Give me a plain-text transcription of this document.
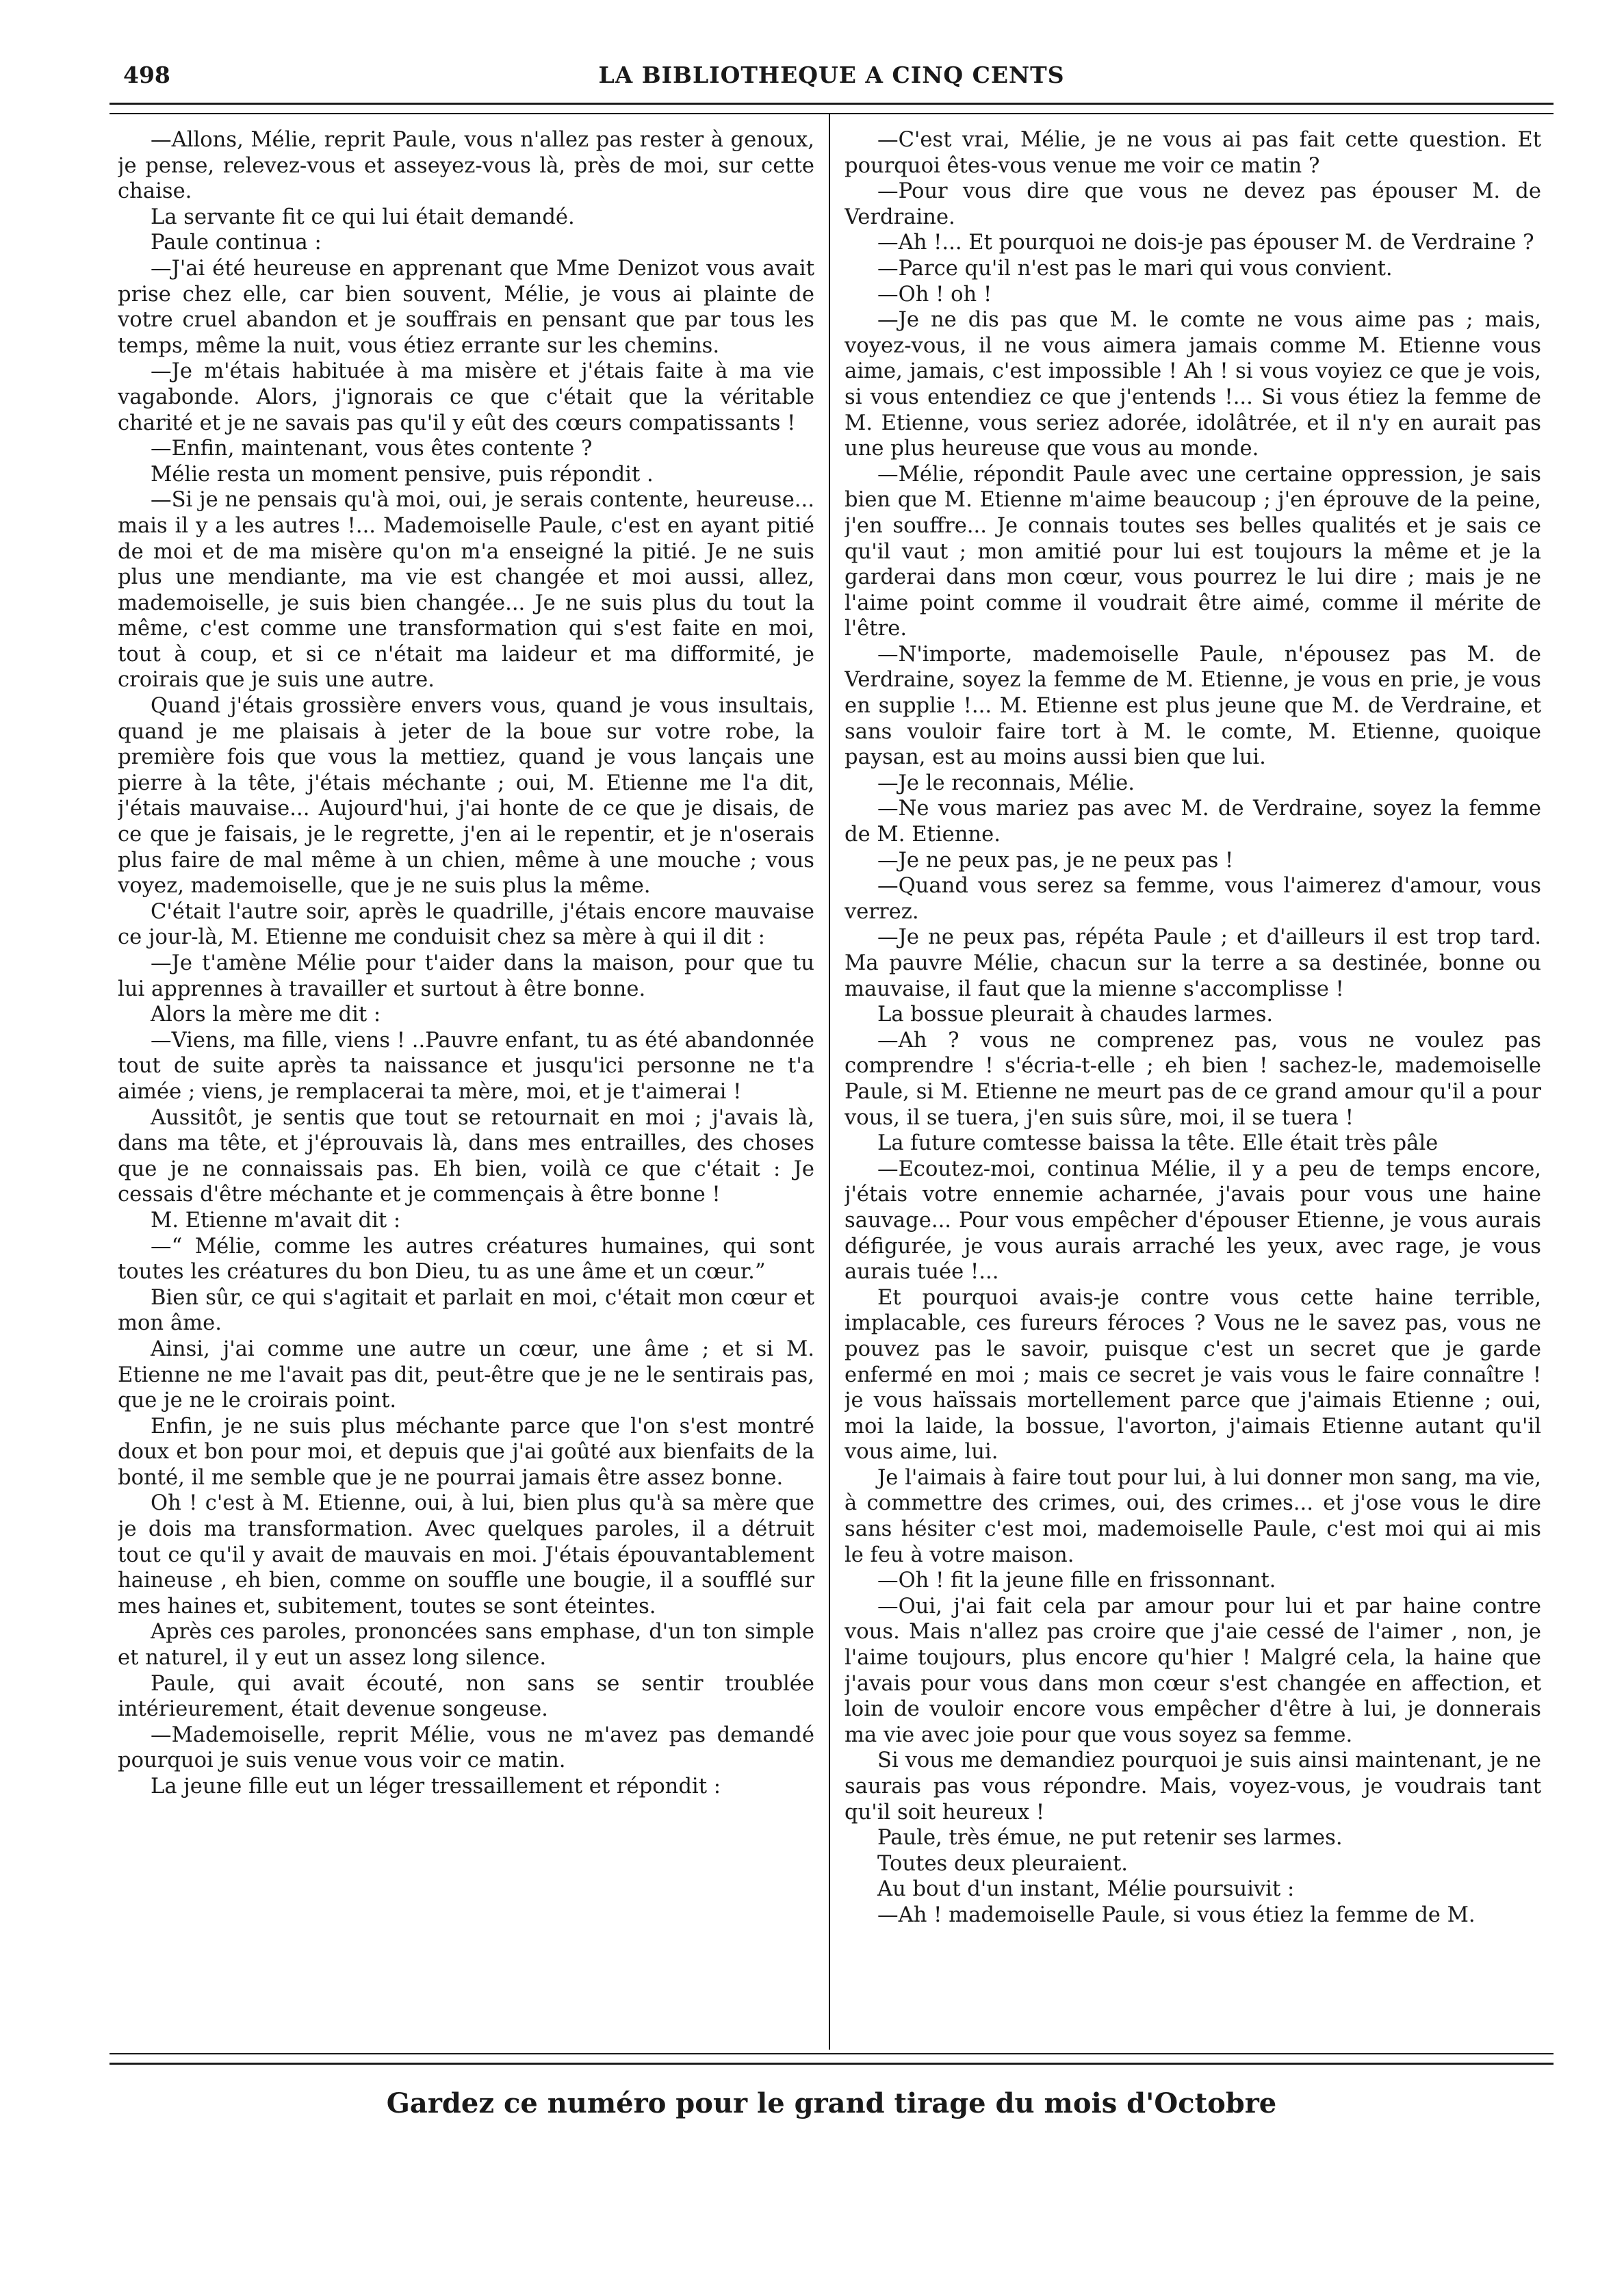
498	LA BIBLIOTHEQUE A CINQ CENTS

—Allons, Mélie, reprit Paule, vous n'allez pas rester à genoux, je pense, relevez-vous et asseyez-vous là, près de moi, sur cette chaise.

La servante fit ce qui lui était demandé.

Paule continua :

—J'ai été heureuse en apprenant que Mme Denizot vous avait prise chez elle, car bien souvent, Mélie, je vous ai plainte de votre cruel abandon et je souffrais en pensant que par tous les temps, même la nuit, vous étiez errante sur les chemins.

—Je m'étais habituée à ma misère et j'étais faite à ma vie vagabonde. Alors, j'ignorais ce que c'était que la véritable charité et je ne savais pas qu'il y eût des cœurs compatissants !

—Enfin, maintenant, vous êtes contente ?

Mélie resta un moment pensive, puis répondit .

—Si je ne pensais qu'à moi, oui, je serais contente, heureuse... mais il y a les autres !... Mademoiselle Paule, c'est en ayant pitié de moi et de ma misère qu'on m'a enseigné la pitié. Je ne suis plus une mendiante, ma vie est changée et moi aussi, allez, mademoiselle, je suis bien changée... Je ne suis plus du tout la même, c'est comme une transformation qui s'est faite en moi, tout à coup, et si ce n'était ma laideur et ma difformité, je croirais que je suis une autre.

Quand j'étais grossière envers vous, quand je vous insultais, quand je me plaisais à jeter de la boue sur votre robe, la première fois que vous la mettiez, quand je vous lançais une pierre à la tête, j'étais méchante ; oui, M. Etienne me l'a dit, j'étais mauvaise... Aujourd'hui, j'ai honte de ce que je disais, de ce que je faisais, je le regrette, j'en ai le repentir, et je n'oserais plus faire de mal même à un chien, même à une mouche ; vous voyez, mademoiselle, que je ne suis plus la même.

C'était l'autre soir, après le quadrille, j'étais encore mauvaise ce jour-là, M. Etienne me conduisit chez sa mère à qui il dit :

—Je t'amène Mélie pour t'aider dans la maison, pour que tu lui apprennes à travailler et surtout à être bonne.

Alors la mère me dit :

—Viens, ma fille, viens ! ..Pauvre enfant, tu as été abandonnée tout de suite après ta naissance et jusqu'ici personne ne t'a aimée ; viens, je remplacerai ta mère, moi, et je t'aimerai !

Aussitôt, je sentis que tout se retournait en moi ; j'avais là, dans ma tête, et j'éprouvais là, dans mes entrailles, des choses que je ne connaissais pas. Eh bien, voilà ce que c'était : Je cessais d'être méchante et je commençais à être bonne !

M. Etienne m'avait dit :

—“ Mélie, comme les autres créatures humaines, qui sont toutes les créatures du bon Dieu, tu as une âme et un cœur.”

Bien sûr, ce qui s'agitait et parlait en moi, c'était mon cœur et mon âme.

Ainsi, j'ai comme une autre un cœur, une âme ; et si M. Etienne ne me l'avait pas dit, peut-être que je ne le sentirais pas, que je ne le croirais point.

Enfin, je ne suis plus méchante parce que l'on s'est montré doux et bon pour moi, et depuis que j'ai goûté aux bienfaits de la bonté, il me semble que je ne pourrai jamais être assez bonne.

Oh ! c'est à M. Etienne, oui, à lui, bien plus qu'à sa mère que je dois ma transformation. Avec quelques paroles, il a détruit tout ce qu'il y avait de mauvais en moi. J'étais épouvantablement haineuse , eh bien, comme on souffle une bougie, il a soufflé sur mes haines et, subitement, toutes se sont éteintes.

Après ces paroles, prononcées sans emphase, d'un ton simple et naturel, il y eut un assez long silence.

Paule, qui avait écouté, non sans se sentir troublée intérieurement, était devenue songeuse.

—Mademoiselle, reprit Mélie, vous ne m'avez pas demandé pourquoi je suis venue vous voir ce matin.

La jeune fille eut un léger tressaillement et répondit :

—C'est vrai, Mélie, je ne vous ai pas fait cette question. Et pourquoi êtes-vous venue me voir ce matin ?

—Pour vous dire que vous ne devez pas épouser M. de Verdraine.

—Ah !... Et pourquoi ne dois-je pas épouser M. de Verdraine ?

—Parce qu'il n'est pas le mari qui vous convient.

—Oh ! oh !

—Je ne dis pas que M. le comte ne vous aime pas ; mais, voyez-vous, il ne vous aimera jamais comme M. Etienne vous aime, jamais, c'est impossible ! Ah ! si vous voyiez ce que je vois, si vous entendiez ce que j'entends !... Si vous étiez la femme de M. Etienne, vous seriez adorée, idolâtrée, et il n'y en aurait pas une plus heureuse que vous au monde.

—Mélie, répondit Paule avec une certaine oppression, je sais bien que M. Etienne m'aime beaucoup ; j'en éprouve de la peine, j'en souffre... Je connais toutes ses belles qualités et je sais ce qu'il vaut ; mon amitié pour lui est toujours la même et je la garderai dans mon cœur, vous pourrez le lui dire ; mais je ne l'aime point comme il voudrait être aimé, comme il mérite de l'être.

—N'importe, mademoiselle Paule, n'épousez pas M. de Verdraine, soyez la femme de M. Etienne, je vous en prie, je vous en supplie !... M. Etienne est plus jeune que M. de Verdraine, et sans vouloir faire tort à M. le comte, M. Etienne, quoique paysan, est au moins aussi bien que lui.

—Je le reconnais, Mélie.

—Ne vous mariez pas avec M. de Verdraine, soyez la femme de M. Etienne.

—Je ne peux pas, je ne peux pas !

—Quand vous serez sa femme, vous l'aimerez d'amour, vous verrez.

—Je ne peux pas, répéta Paule ; et d'ailleurs il est trop tard. Ma pauvre Mélie, chacun sur la terre a sa destinée, bonne ou mauvaise, il faut que la mienne s'accomplisse !

La bossue pleurait à chaudes larmes.

—Ah ? vous ne comprenez pas, vous ne voulez pas comprendre ! s'écria-t-elle ; eh bien ! sachez-le, mademoiselle Paule, si M. Etienne ne meurt pas de ce grand amour qu'il a pour vous, il se tuera, j'en suis sûre, moi, il se tuera !

La future comtesse baissa la tête. Elle était très pâle

—Ecoutez-moi, continua Mélie, il y a peu de temps encore, j'étais votre ennemie acharnée, j'avais pour vous une haine sauvage... Pour vous empêcher d'épouser Etienne, je vous aurais défigurée, je vous aurais arraché les yeux, avec rage, je vous aurais tuée !...

Et pourquoi avais-je contre vous cette haine terrible, implacable, ces fureurs féroces ? Vous ne le savez pas, vous ne pouvez pas le savoir, puisque c'est un secret que je garde enfermé en moi ; mais ce secret je vais vous le faire connaître ! je vous haïssais mortellement parce que j'aimais Etienne ; oui, moi la laide, la bossue, l'avorton, j'aimais Etienne autant qu'il vous aime, lui.

Je l'aimais à faire tout pour lui, à lui donner mon sang, ma vie, à commettre des crimes, oui, des crimes... et j'ose vous le dire sans hésiter c'est moi, mademoiselle Paule, c'est moi qui ai mis le feu à votre maison.

—Oh ! fit la jeune fille en frissonnant.

—Oui, j'ai fait cela par amour pour lui et par haine contre vous. Mais n'allez pas croire que j'aie cessé de l'aimer , non, je l'aime toujours, plus encore qu'hier ! Malgré cela, la haine que j'avais pour vous dans mon cœur s'est changée en affection, et loin de vouloir encore vous empêcher d'être à lui, je donnerais ma vie avec joie pour que vous soyez sa femme.

Si vous me demandiez pourquoi je suis ainsi maintenant, je ne saurais pas vous répondre. Mais, voyez-vous, je voudrais tant qu'il soit heureux !

Paule, très émue, ne put retenir ses larmes.

Toutes deux pleuraient.

Au bout d'un instant, Mélie poursuivit :

—Ah ! mademoiselle Paule, si vous étiez la femme de M.

Gardez ce numéro pour le grand tirage du mois d'Octobre
